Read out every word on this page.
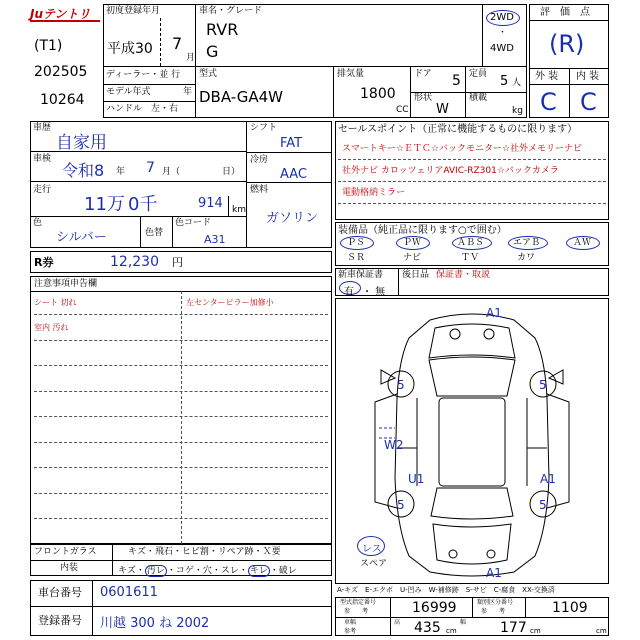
Juテントリ
(T1)
202505
10264
初度登録年月
平成30 7
月
車名・グレード
RVR
G
2WD
・
4WD
ディーラー・並 行
モデル年式	年
ハンドル　左・右
型式
DBA-GA4W
排気量
1800
CC
ドア 5
形状
W
定員 5 人
積載
kg
評　価　点
(R)
外 装 内 装
C C
車歴
自家用
車検
令和8 年 7 月（	日）
走行
11万 0千	914 km
色
シルバー	色替
色コード
A31
シフト
FAT
冷房
AAC
燃料
ガソリン
R券	12,230 円
セールスポイント（正常に機能するものに限ります）
スマートキー☆ＥＴＣ☆バックモニター☆社外メモリーナビ
社外ナビ カロッツェリアAVIC-RZ301☆バックカメラ
電動格納ミラー
装備品（純正品に限ります○で囲む）
ＰＳ	ＰＷ	ＡＢＳ	エアＢ	ＡＷ
ＳＲ	ナビ	ＴＶ	カワ
新車保証書
有 ・ 無
後日品 保証書・取説
注意事項申告欄
シート 切れ
室内 汚れ
左センターピラー加修小
フロントガラス	キズ・飛石・ヒビ割・リペア跡・Ｘ要
内装	キズ・ 汚レ ・コゲ・穴・スレ・ キレ ・破レ
車台番号 0601611
登録番号 川越 300 ね 2002
A1
5	5
W2
U1	A1
5	5
A1
レス
スペア
A-キズ　E-エクボ　U-凹み　W-補修跡　S-サビ　C-腐食　XX-交換済
型式指定番号
参　　考	16999	類別区分番号
参　　考	1109
車幅
参考
高 435 cm
幅 177 cm	cm
